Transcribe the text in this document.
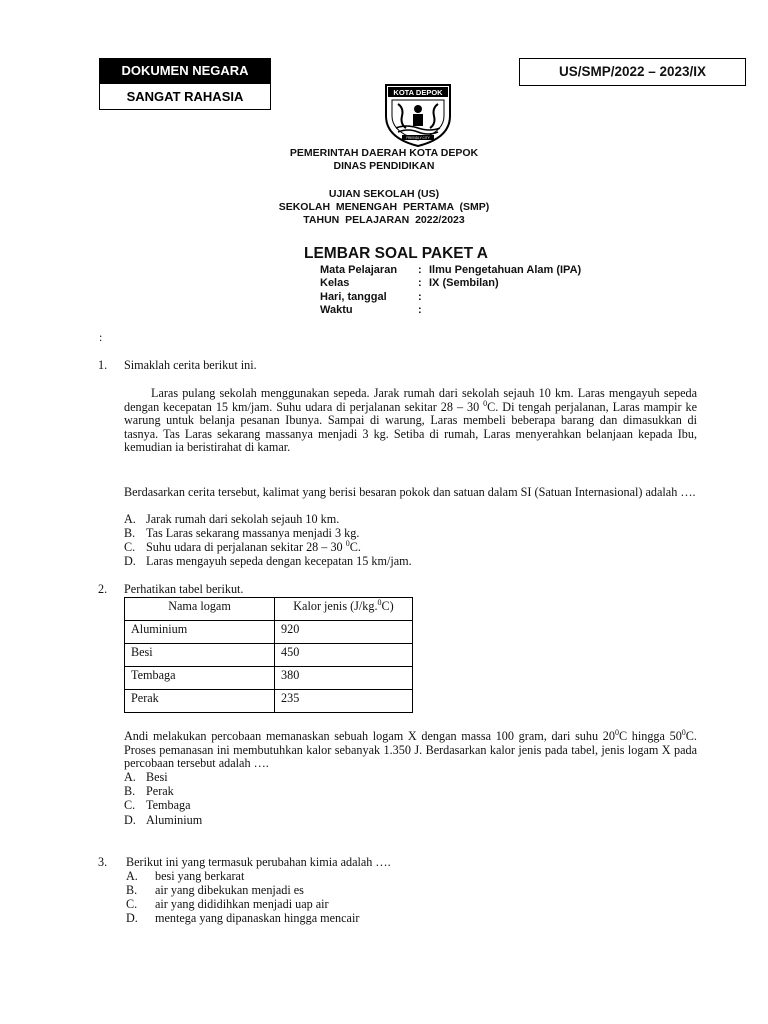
DOKUMEN NEGARA
SANGAT RAHASIA
US/SMP/2022 – 2023/IX
KOTA DEPOK
FRIENDLY CITY
PEMERINTAH DAERAH KOTA DEPOK
DINAS PENDIDIKAN
UJIAN SEKOLAH (US)
SEKOLAH  MENENGAH  PERTAMA  (SMP)
TAHUN  PELAJARAN  2022/2023
LEMBAR SOAL PAKET A
Mata Pelajaran : Ilmu Pengetahuan Alam (IPA)
Kelas	: IX (Sembilan)
Hari, tanggal	:
Waktu	:
:
1. Simaklah cerita berikut ini.
Laras pulang sekolah menggunakan sepeda. Jarak rumah dari sekolah sejauh 10 km. Laras mengayuh sepeda dengan kecepatan 15 km/jam. Suhu udara di perjalanan sekitar 28 – 30 $^0$C. Di tengah perjalanan, Laras mampir ke warung untuk belanja pesanan Ibunya. Sampai di warung, Laras membeli beberapa barang dan dimasukkan di tasnya. Tas Laras sekarang massanya menjadi 3 kg. Setiba di rumah, Laras menyerahkan belanjaan kepada Ibu, kemudian ia beristirahat di kamar.
Berdasarkan cerita tersebut, kalimat yang berisi besaran pokok dan satuan dalam SI (Satuan Internasional) adalah ….
A. Jarak rumah dari sekolah sejauh 10 km.
B. Tas Laras sekarang massanya menjadi 3 kg.
C. Suhu udara di perjalanan sekitar 28 – 30 $^0$C.
D. Laras mengayuh sepeda dengan kecepatan 15 km/jam.
2. Perhatikan tabel berikut.
Nama logam	Kalor jenis (J/kg.$^0$C)
Aluminium	920
Besi	450
Tembaga	380
Perak	235
Andi melakukan percobaan memanaskan sebuah logam X dengan massa 100 gram, dari suhu $20^0C$ hingga $50^0C$. Proses pemanasan ini membutuhkan kalor sebanyak 1.350 J. Berdasarkan kalor jenis pada tabel, jenis logam X pada percobaan tersebut adalah ….
A. Besi
B. Perak
C. Tembaga
D. Aluminium
3. Berikut ini yang termasuk perubahan kimia adalah ….
A. besi yang berkarat
B. air yang dibekukan menjadi es
C. air yang dididihkan menjadi uap air
D. mentega yang dipanaskan hingga mencair
